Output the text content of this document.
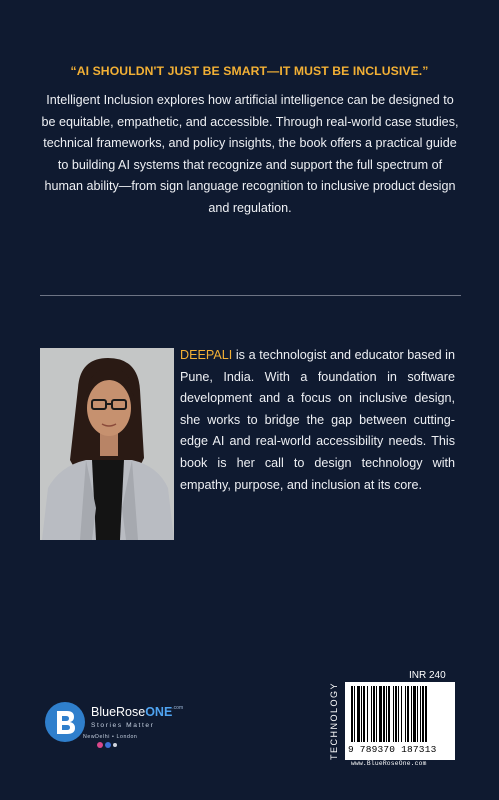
“AI SHOULDN'T JUST BE SMART—IT MUST BE INCLUSIVE.”
Intelligent Inclusion explores how artificial intelligence can be designed to be equitable, empathetic, and accessible. Through real-world case studies, technical frameworks, and policy insights, the book offers a practical guide to building AI systems that recognize and support the full spectrum of human ability—from sign language recognition to inclusive product design and regulation.
DEEPALI is a technologist and educator based in Pune, India. With a foundation in software development and a focus on inclusive design, she works to bridge the gap between cutting-edge AI and real-world accessibility needs. This book is her call to design technology with empathy, purpose, and inclusion at its core.
BlueRoseONE$^{.com}$
Stories Matter
NewDelhi • London	TECHNOLOGY
INR 240
9 789370 187313
www.BlueRoseOne.com
